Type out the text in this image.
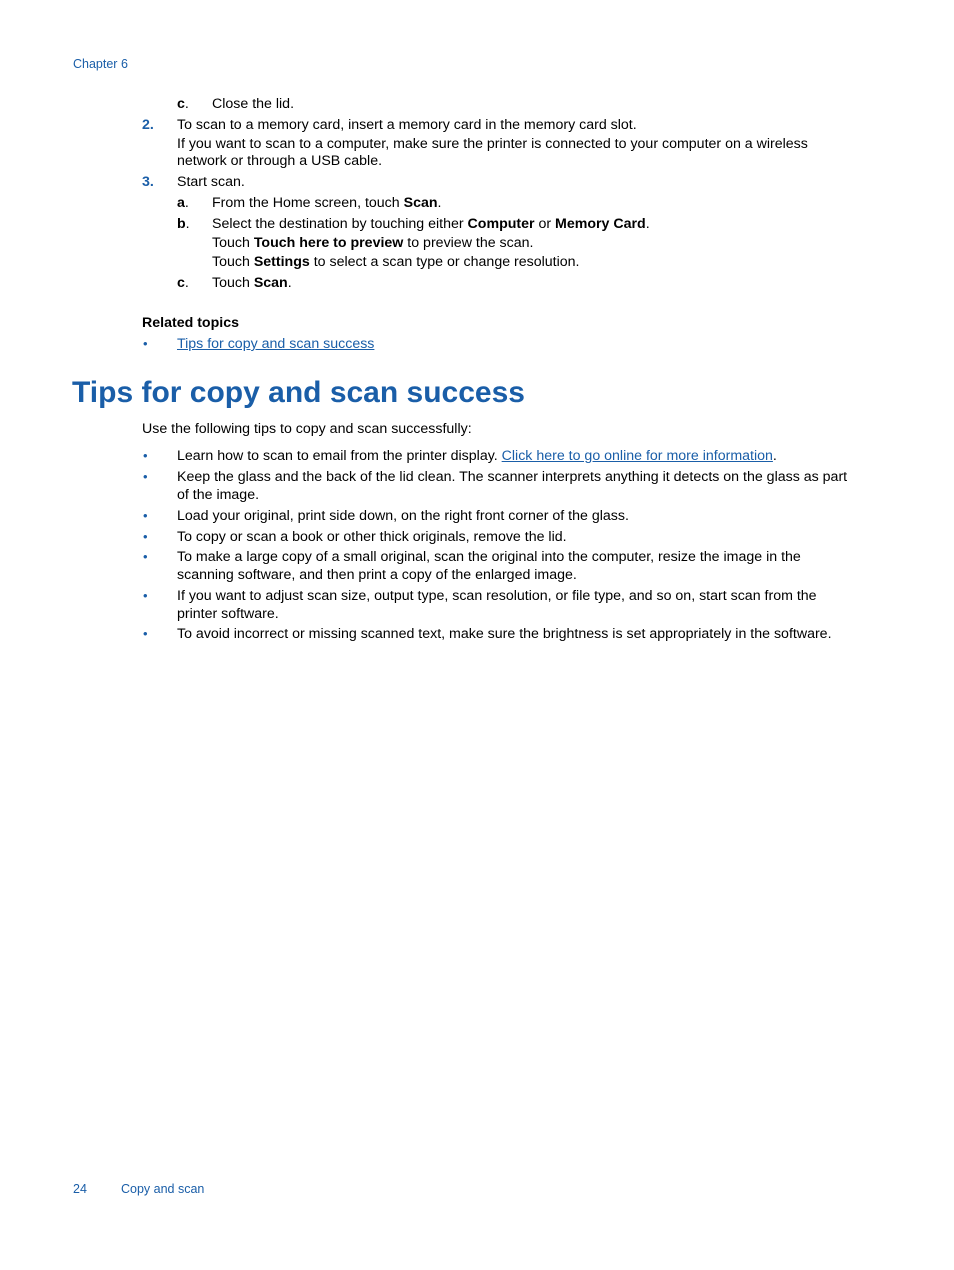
Chapter 6
c. Close the lid.
2. To scan to a memory card, insert a memory card in the memory card slot.
If you want to scan to a computer, make sure the printer is connected to your computer on a wireless
network or through a USB cable.
3. Start scan.
a. From the Home screen, touch Scan.
b. Select the destination by touching either Computer or Memory Card.
Touch Touch here to preview to preview the scan.
Touch Settings to select a scan type or change resolution.
c. Touch Scan.
Related topics
• Tips for copy and scan success
Tips for copy and scan success
Use the following tips to copy and scan successfully:
• Learn how to scan to email from the printer display. Click here to go online for more information.
• Keep the glass and the back of the lid clean. The scanner interprets anything it detects on the glass as part
of the image.
• Load your original, print side down, on the right front corner of the glass.
• To copy or scan a book or other thick originals, remove the lid.
• To make a large copy of a small original, scan the original into the computer, resize the image in the
scanning software, and then print a copy of the enlarged image.
• If you want to adjust scan size, output type, scan resolution, or file type, and so on, start scan from the
printer software.
• To avoid incorrect or missing scanned text, make sure the brightness is set appropriately in the software.
24	Copy and scan
